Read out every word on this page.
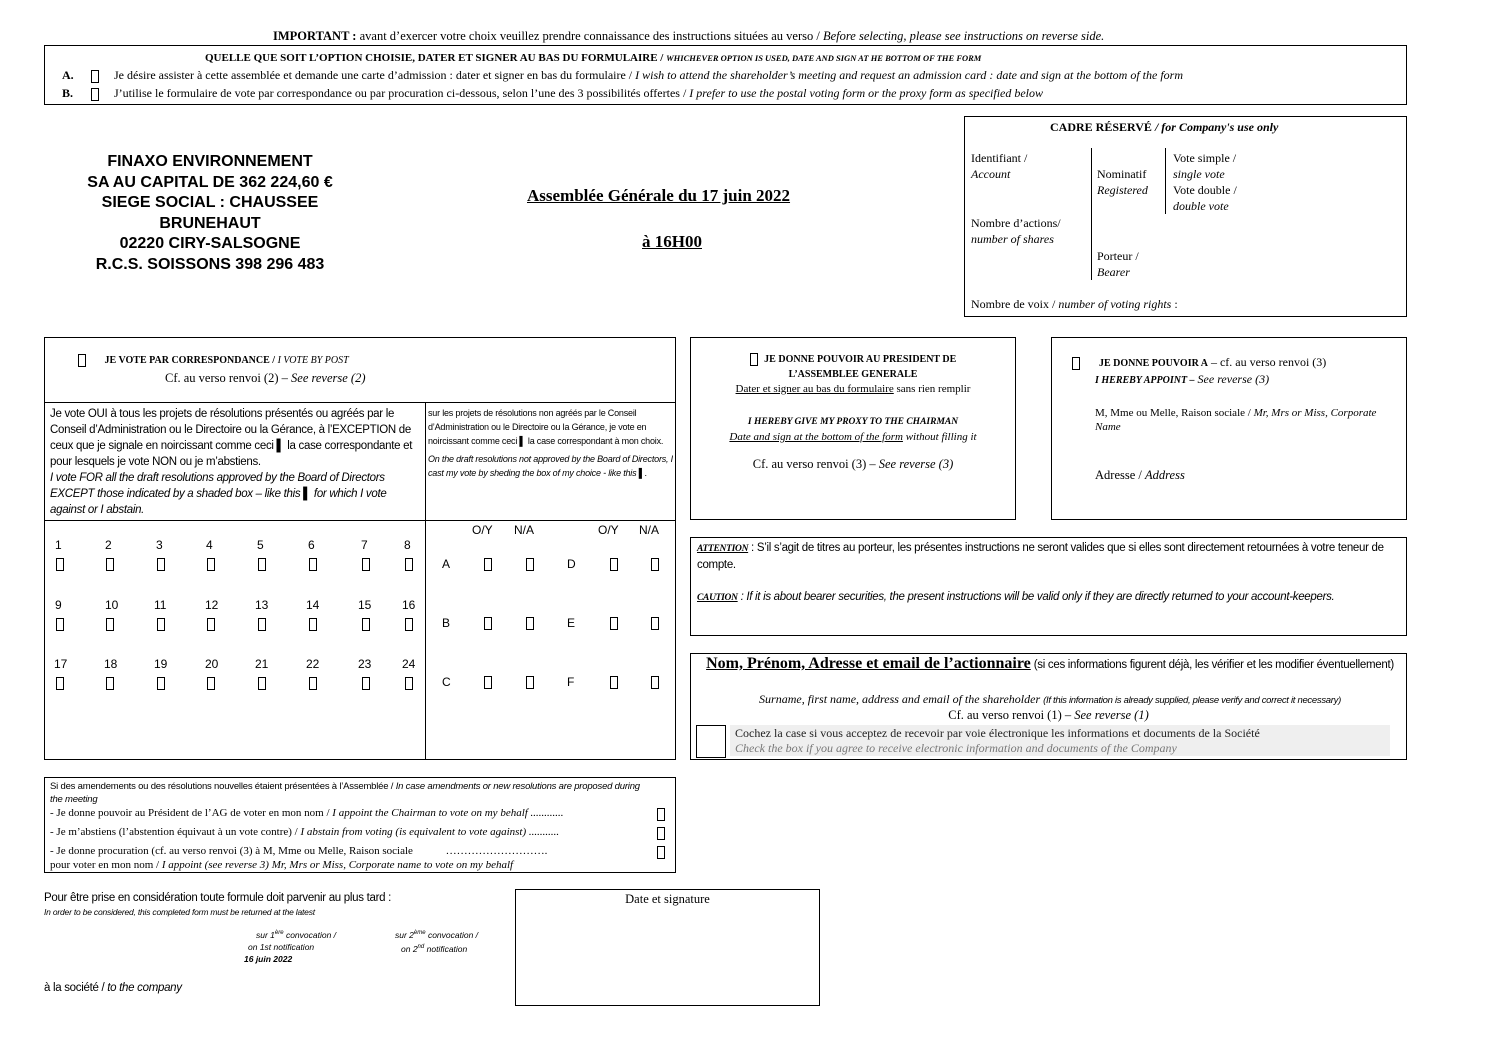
IMPORTANT : avant d’exercer votre choix veuillez prendre connaissance des instructions situées au verso / Before selecting, please see instructions on reverse side.
QUELLE QUE SOIT L’OPTION CHOISIE, DATER ET SIGNER AU BAS DU FORMULAIRE / WHICHEVER OPTION IS USED, DATE AND SIGN AT HE BOTTOM OF THE FORM
A.	Je désire assister à cette assemblée et demande une carte d’admission : dater et signer en bas du formulaire / I wish to attend the shareholder’s meeting and request an admission card : date and sign at the bottom of the form
B.	J’utilise le formulaire de vote par correspondance ou par procuration ci-dessous, selon l’une des 3 possibilités offertes / I prefer to use the postal voting form or the proxy form as specified below
FINAXO ENVIRONNEMENT
SA AU CAPITAL DE 362 224,60 €
SIEGE SOCIAL : CHAUSSEE
BRUNEHAUT
02220 CIRY-SALSOGNE
R.C.S. SOISSONS 398 296 483
Assemblée Générale du 17 juin 2022
à 16H00
CADRE RÉSERVÉ / for Company's use only
Identifiant /
Account
Nombre d’actions/
number of shares
Nominatif
Registered
Porteur /
Bearer
Vote simple /
single vote
Vote double /
double vote
Nombre de voix / number of voting rights :
JE VOTE PAR CORRESPONDANCE / I VOTE BY POST
Cf. au verso renvoi (2) – See reverse (2)
Je vote OUI à tous les projets de résolutions présentés ou agréés par le Conseil d’Administration ou le Directoire ou la Gérance, à l’EXCEPTION de ceux que je signale en noircissant comme ceci ▌ la case correspondante et pour lesquels je vote NON ou je m’abstiens.
I vote FOR all the draft resolutions approved by the Board of Directors EXCEPT those indicated by a shaded box – like this ▌ for which I vote against or I abstain.
sur les projets de résolutions non agréés par le Conseil d’Administration ou le Directoire ou la Gérance, je vote en noircissant comme ceci ▌ la case correspondant à mon choix.
On the draft resolutions not approved by the Board of Directors, I cast my vote by sheding the box of my choice - like this ▌.
1	2	3	4	5	6	7	8
9	10	11	12	13	14	15	16
17	18	19	20	21	22	23	24
O/Y N/A	O/Y N/A
A	D
B	E
C	F
JE DONNE POUVOIR AU PRESIDENT DE
L’ASSEMBLEE GENERALE
Dater et signer au bas du formulaire sans rien remplir
I HEREBY GIVE MY PROXY TO THE CHAIRMAN
Date and sign at the bottom of the form without filling it
Cf. au verso renvoi (3) – See reverse (3)
JE DONNE POUVOIR A – cf. au verso renvoi (3)
I HEREBY APPOINT – See reverse (3)
M, Mme ou Melle, Raison sociale / Mr, Mrs or Miss, Corporate Name
Adresse / Address
ATTENTION : S’il s’agit de titres au porteur, les présentes instructions ne seront valides que si elles sont directement retournées à votre teneur de compte.
CAUTION : If it is about bearer securities, the present instructions will be valid only if they are directly returned to your account-keepers.
Nom, Prénom, Adresse et email de l’actionnaire (si ces informations figurent déjà, les vérifier et les modifier éventuellement)
Surname, first name, address and email of the shareholder (If this information is already supplied, please verify and correct it necessary)
Cf. au verso renvoi (1) – See reverse (1)
Cochez la case si vous acceptez de recevoir par voie électronique les informations et documents de la Société
Check the box if you agree to receive electronic information and documents of the Company
Si des amendements ou des résolutions nouvelles étaient présentées à l’Assemblée / In case amendments or new resolutions are proposed during the meeting
- Je donne pouvoir au Président de l’AG de voter en mon nom / I appoint the Chairman to vote on my behalf ............
- Je m’abstiens (l’abstention équivaut à un vote contre) / I abstain from voting (is equivalent to vote against) ...........
- Je donne procuration (cf. au verso renvoi (3) à M, Mme ou Melle, Raison sociale	……………………….
pour voter en mon nom / I appoint (see reverse 3) Mr, Mrs or Miss, Corporate name to vote on my behalf
Pour être prise en considération toute formule doit parvenir au plus tard :
In order to be considered, this completed form must be returned at the latest
sur 1ère convocation /
on 1st notification
16 juin 2022
sur 2ème convocation /
on 2nd notification
à la société / to the company
Date et signature
